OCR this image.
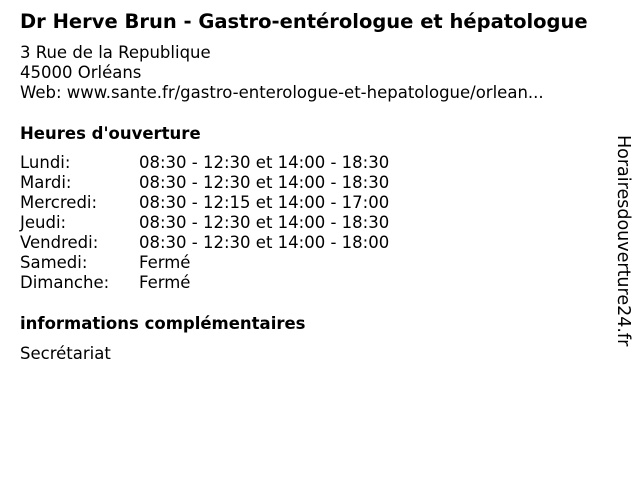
Dr Herve Brun - Gastro-entérologue et hépatologue
3 Rue de la Republique
45000 Orléans
Web: www.sante.fr/gastro-enterologue-et-hepatologue/orlean...
Heures d'ouverture
Lundi:	08:30 - 12:30 et 14:00 - 18:30
Mardi:	08:30 - 12:30 et 14:00 - 18:30
Mercredi:	08:30 - 12:15 et 14:00 - 17:00
Jeudi:	08:30 - 12:30 et 14:00 - 18:30
Vendredi: 08:30 - 12:30 et 14:00 - 18:00
Samedi:	Fermé
Dimanche: Fermé
informations complémentaires
Secrétariat
Horairesdouverture24.fr
